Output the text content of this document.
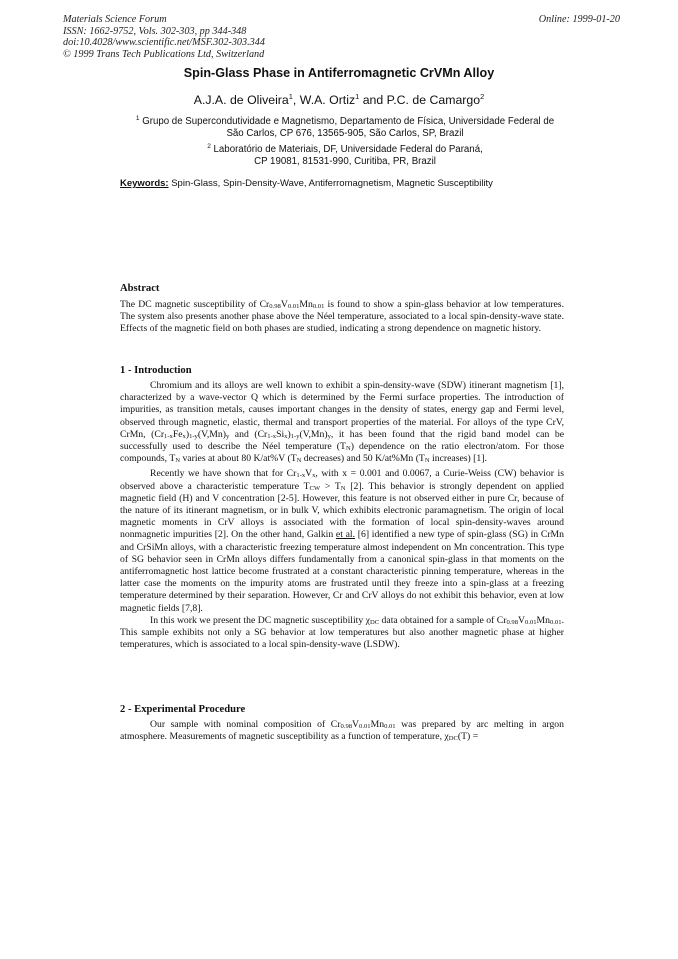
Materials Science Forum
ISSN: 1662-9752, Vols. 302-303, pp 344-348
doi:10.4028/www.scientific.net/MSF.302-303.344
© 1999 Trans Tech Publications Ltd, Switzerland
Online: 1999-01-20
Spin-Glass Phase in Antiferromagnetic CrVMn Alloy
A.J.A. de Oliveira$^1$, W.A. Ortiz$^1$ and P.C. de Camargo$^2$
$^1$ Grupo de Supercondutividade e Magnetismo, Departamento de Física, Universidade Federal de
São Carlos, CP 676, 13565-905, São Carlos, SP, Brazil
$^2$ Laboratório de Materiais, DF, Universidade Federal do Paraná,
CP 19081, 81531-990, Curitiba, PR, Brazil
Keywords: Spin-Glass, Spin-Density-Wave, Antiferromagnetism, Magnetic Susceptibility
Abstract

The DC magnetic susceptibility of $Cr_{0.98}V_{0.01}Mn_{0.01}$ is found to show a spin-glass behavior at low temperatures. The system also presents another phase above the Néel temperature, associated to a local spin-density-wave state. Effects of the magnetic field on both phases are studied, indicating a strong dependence on magnetic history.

1 - Introduction

Chromium and its alloys are well known to exhibit a spin-density-wave (SDW) itinerant magnetism [1], characterized by a wave-vector Q which is determined by the Fermi surface properties. The introduction of impurities, as transition metals, causes important changes in the density of states, energy gap and Fermi level, observed through magnetic, elastic, thermal and transport properties of the material. For alloys of the type CrV, CrMn, $(Cr_{1-x}Fe_x)_{1-y}(V,Mn)_y$ and $(Cr_{1-x}Si_x)_{1-y}(V,Mn)_y$, it has been found that the rigid band model can be successfully used to describe the Néel temperature $(T_N)$ dependence on the ratio electron/atom. For those compounds, $T_N$ varies at about 80 K/at%V ($T_N$ decreases) and 50 K/at%Mn ($T_N$ increases) [1].

Recently we have shown that for $Cr_{1-x}V_x$, with x = 0.001 and 0.0067, a Curie-Weiss (CW) behavior is observed above a characteristic temperature $T_{CW} > T_N$ [2]. This behavior is strongly dependent on applied magnetic field (H) and V concentration [2-5]. However, this feature is not observed either in pure Cr, because of the nature of its itinerant magnetism, or in bulk V, which exhibits electronic paramagnetism. The origin of local magnetic moments in CrV alloys is associated with the formation of local spin-density-waves around nonmagnetic impurities [2]. On the other hand, Galkin et al. [6] identified a new type of spin-glass (SG) in CrMn and CrSiMn alloys, with a characteristic freezing temperature almost independent on Mn concentration. This type of SG behavior seen in CrMn alloys differs fundamentally from a canonical spin-glass in that moments on the antiferromagnetic host lattice become frustrated at a constant characteristic pinning temperature, whereas in the latter case the moments on the impurity atoms are frustrated until they freeze into a spin-glass at a freezing temperature determined by their separation. However, Cr and CrV alloys do not exhibit this behavior, even at low magnetic fields [7,8].

In this work we present the DC magnetic susceptibility $\chi_{DC}$ data obtained for a sample of $Cr_{0.98}V_{0.01}Mn_{0.01}$. This sample exhibits not only a SG behavior at low temperatures but also another magnetic phase at higher temperatures, which is associated to a local spin-density-wave (LSDW).

2 - Experimental Procedure

Our sample with nominal composition of $Cr_{0.98}V_{0.01}Mn_{0.01}$ was prepared by arc melting in argon atmosphere. Measurements of magnetic susceptibility as a function of temperature, $\chi_{DC}(T)$ =
